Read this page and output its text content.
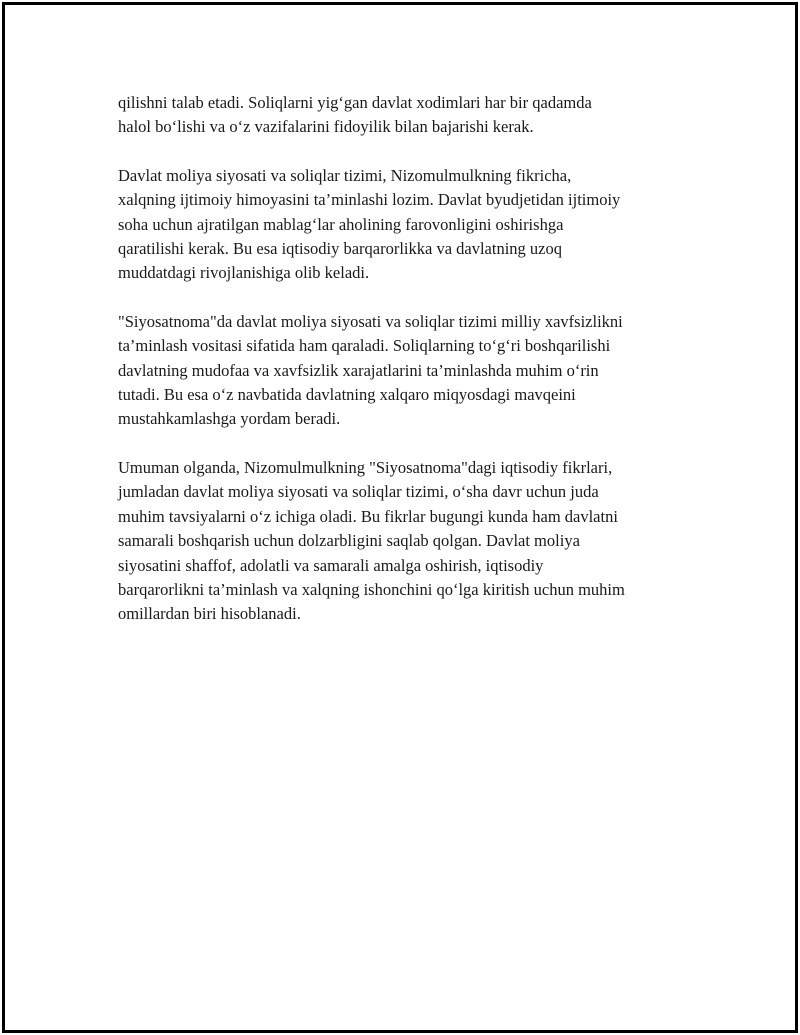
qilishni talab etadi. Soliqlarni yig‘gan davlat xodimlari har bir qadamda
halol bo‘lishi va o‘z vazifalarini fidoyilik bilan bajarishi kerak.

Davlat moliya siyosati va soliqlar tizimi, Nizomulmulkning fikricha,
xalqning ijtimoiy himoyasini ta’minlashi lozim. Davlat byudjetidan ijtimoiy
soha uchun ajratilgan mablag‘lar aholining farovonligini oshirishga
qaratilishi kerak. Bu esa iqtisodiy barqarorlikka va davlatning uzoq
muddatdagi rivojlanishiga olib keladi.

"Siyosatnoma"da davlat moliya siyosati va soliqlar tizimi milliy xavfsizlikni
ta’minlash vositasi sifatida ham qaraladi. Soliqlarning to‘g‘ri boshqarilishi
davlatning mudofaa va xavfsizlik xarajatlarini ta’minlashda muhim o‘rin
tutadi. Bu esa o‘z navbatida davlatning xalqaro miqyosdagi mavqeini
mustahkamlashga yordam beradi.

Umuman olganda, Nizomulmulkning "Siyosatnoma"dagi iqtisodiy fikrlari,
jumladan davlat moliya siyosati va soliqlar tizimi, o‘sha davr uchun juda
muhim tavsiyalarni o‘z ichiga oladi. Bu fikrlar bugungi kunda ham davlatni
samarali boshqarish uchun dolzarbligini saqlab qolgan. Davlat moliya
siyosatini shaffof, adolatli va samarali amalga oshirish, iqtisodiy
barqarorlikni ta’minlash va xalqning ishonchini qo‘lga kiritish uchun muhim
omillardan biri hisoblanadi.
